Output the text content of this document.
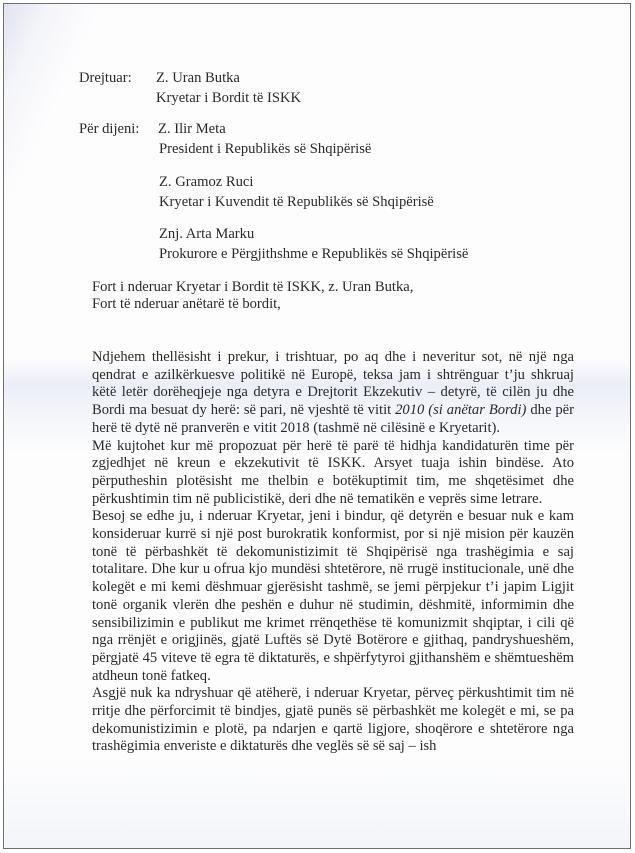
Drejtuar: Z. Uran Butka
Kryetar i Bordit të ISKK
Për dijeni: Z. Ilir Meta
President i Republikës së Shqipërisë
Z. Gramoz Ruci
Kryetar i Kuvendit të Republikës së Shqipërisë
Znj. Arta Marku
Prokurore e Përgjithshme e Republikës së Shqipërisë
Fort i nderuar Kryetar i Bordit të ISKK, z. Uran Butka,
Fort të nderuar anëtarë të bordit,

Ndjehem thellësisht i prekur, i trishtuar, po aq dhe i neveritur sot, në një nga qendrat e azilkërkuesve politikë në Europë, teksa jam i shtrënguar t’ju shkruaj këtë letër dorëheqjeje nga detyra e Drejtorit Ekzekutiv – detyrë, të cilën ju dhe Bordi ma besuat dy herë: së pari, në vjeshtë të vitit 2010 (si anëtar Bordi) dhe për herë të dytë në pranverën e vitit 2018 (tashmë në cilësinë e Kryetarit).

Më kujtohet kur më propozuat për herë të parë të hidhja kandidaturën time për zgjedhjet në kreun e ekzekutivit të ISKK. Arsyet tuaja ishin bindëse. Ato përputheshin plotësisht me thelbin e botëkuptimit tim, me shqetësimet dhe përkushtimin tim në publicistikë, deri dhe në tematikën e veprës sime letrare.

Besoj se edhe ju, i nderuar Kryetar, jeni i bindur, që detyrën e besuar nuk e kam konsideruar kurrë si një post burokratik konformist, por si një mision për kauzën tonë të përbashkët të dekomunistizimit të Shqipërisë nga trashëgimia e saj totalitare. Dhe kur u ofrua kjo mundësi shtetërore, në rrugë institucionale, unë dhe kolegët e mi kemi dëshmuar gjerësisht tashmë, se jemi përpjekur t’i japim Ligjit tonë organik vlerën dhe peshën e duhur në studimin, dëshmitë, informimin dhe sensibilizimin e publikut me krimet rrënqethëse të komunizmit shqiptar, i cili që nga rrënjët e origjinës, gjatë Luftës së Dytë Botërore e gjithaq, pandryshueshëm, përgjatë 45 viteve të egra të diktaturës, e shpërfytyroi gjithanshëm e shëmtueshëm atdheun tonë fatkeq.

Asgjë nuk ka ndryshuar që atëherë, i nderuar Kryetar, përveç përkushtimit tim në rritje dhe përforcimit të bindjes, gjatë punës së përbashkët me kolegët e mi, se pa dekomunistizimin e plotë, pa ndarjen e qartë ligjore, shoqërore e shtetërore nga trashëgimia enveriste e diktaturës dhe veglës së së saj – ish
